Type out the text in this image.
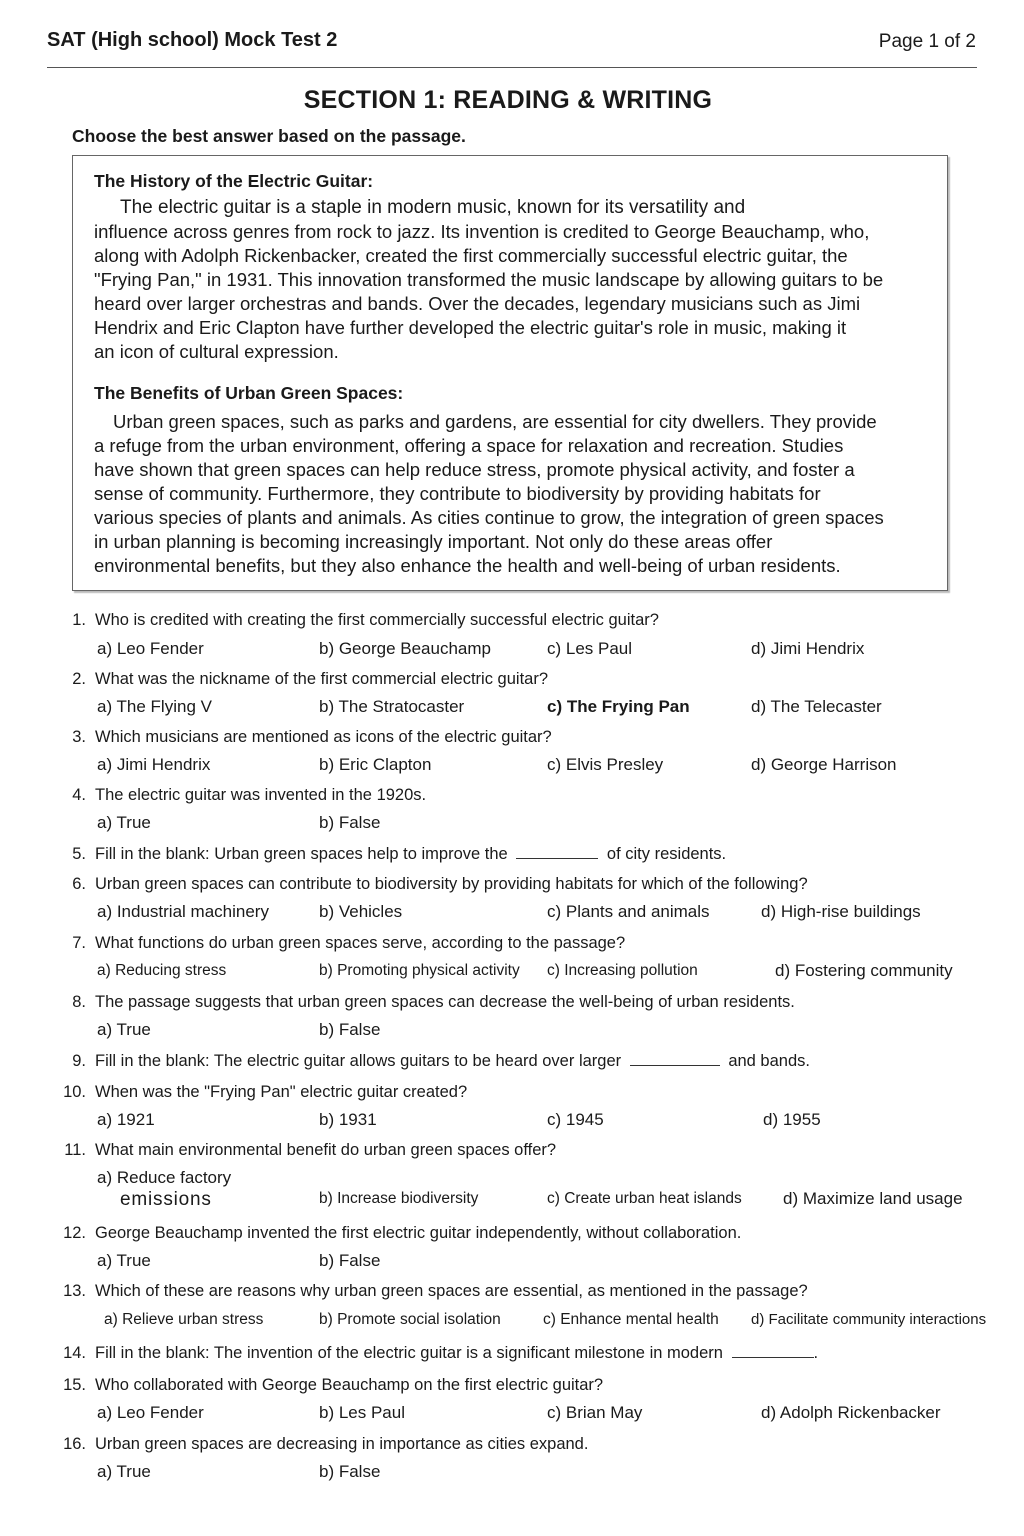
SAT (High school) Mock Test 2	Page 1 of 2
SECTION 1: READING & WRITING
Choose the best answer based on the passage.
The History of the Electric Guitar:
The electric guitar is a staple in modern music, known for its versatility and
influence across genres from rock to jazz. Its invention is credited to George Beauchamp, who,
along with Adolph Rickenbacker, created the first commercially successful electric guitar, the
"Frying Pan," in 1931. This innovation transformed the music landscape by allowing guitars to be
heard over larger orchestras and bands. Over the decades, legendary musicians such as Jimi
Hendrix and Eric Clapton have further developed the electric guitar's role in music, making it
an icon of cultural expression.
The Benefits of Urban Green Spaces:
Urban green spaces, such as parks and gardens, are essential for city dwellers. They provide
a refuge from the urban environment, offering a space for relaxation and recreation. Studies
have shown that green spaces can help reduce stress, promote physical activity, and foster a
sense of community. Furthermore, they contribute to biodiversity by providing habitats for
various species of plants and animals. As cities continue to grow, the integration of green spaces
in urban planning is becoming increasingly important. Not only do these areas offer
environmental benefits, but they also enhance the health and well-being of urban residents.
1. Who is credited with creating the first commercially successful electric guitar?
a) Leo Fender	b) George Beauchamp	c) Les Paul	d) Jimi Hendrix
2. What was the nickname of the first commercial electric guitar?
a) The Flying V	b) The Stratocaster	c) The Frying Pan	d) The Telecaster
3. Which musicians are mentioned as icons of the electric guitar?
a) Jimi Hendrix	b) Eric Clapton	c) Elvis Presley	d) George Harrison
4. The electric guitar was invented in the 1920s.
a) True	b) False
5. Fill in the blank: Urban green spaces help to improve the	of city residents.
6. Urban green spaces can contribute to biodiversity by providing habitats for which of the following?
a) Industrial machinery	b) Vehicles	c) Plants and animals	d) High-rise buildings
7. What functions do urban green spaces serve, according to the passage?
a) Reducing stress	b) Promoting physical activity c) Increasing pollution	d) Fostering community
8. The passage suggests that urban green spaces can decrease the well-being of urban residents.
a) True	b) False
9. Fill in the blank: The electric guitar allows guitars to be heard over larger	and bands.
10. When was the "Frying Pan" electric guitar created?
a) 1921	b) 1931	c) 1945	d) 1955
11. What main environmental benefit do urban green spaces offer?
a) Reduce factory
emissions	b) Increase biodiversity	c) Create urban heat islands d) Maximize land usage
12. George Beauchamp invented the first electric guitar independently, without collaboration.
a) True	b) False
13. Which of these are reasons why urban green spaces are essential, as mentioned in the passage?
a) Relieve urban stress	b) Promote social isolation	c) Enhance mental health d) Facilitate community interactions
14. Fill in the blank: The invention of the electric guitar is a significant milestone in modern	.
15. Who collaborated with George Beauchamp on the first electric guitar?
a) Leo Fender	b) Les Paul	c) Brian May	d) Adolph Rickenbacker
16. Urban green spaces are decreasing in importance as cities expand.
a) True	b) False
